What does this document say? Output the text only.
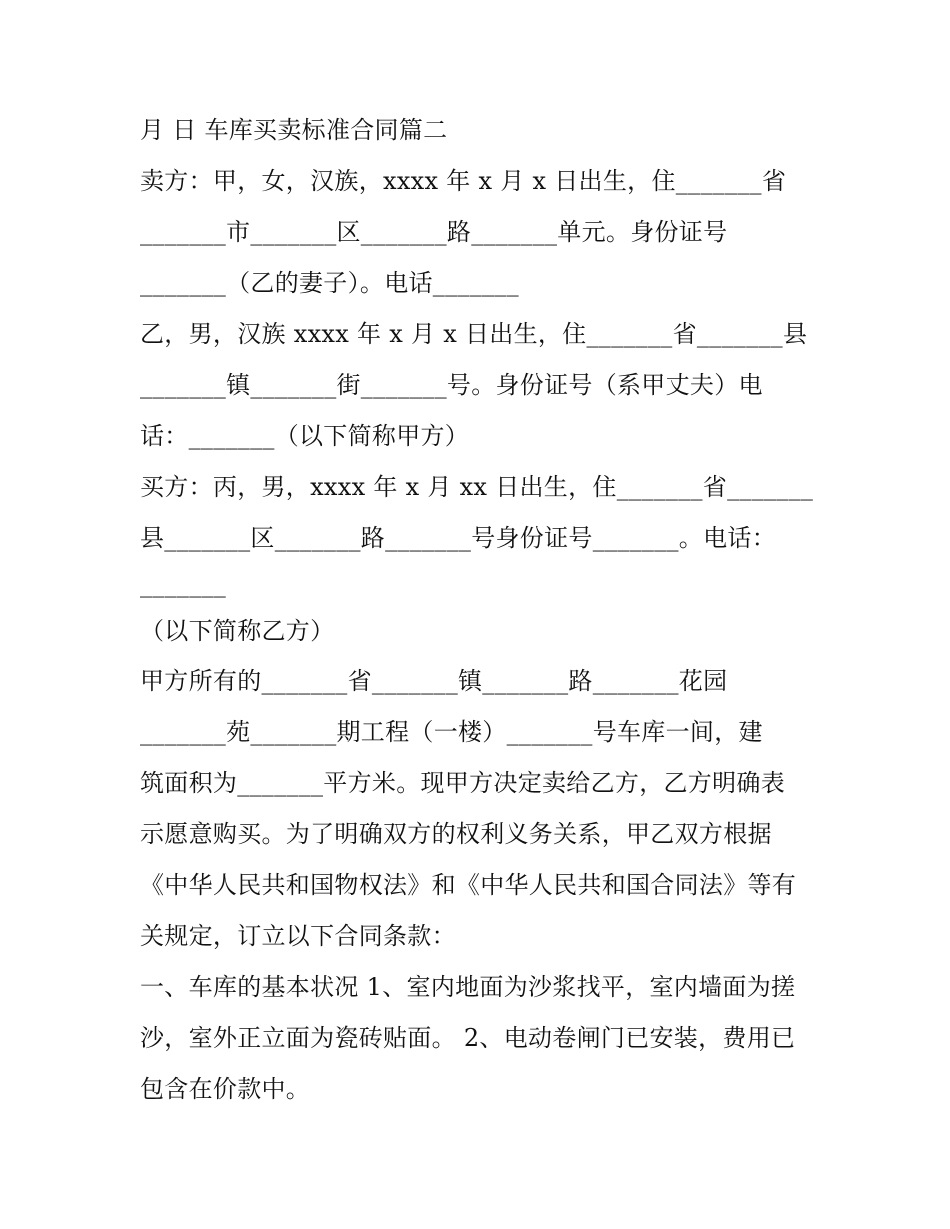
月 日 车库买卖标准合同篇二
卖方：甲，女，汉族，xxxx 年 x 月 x 日出生，住_______省
_______市_______区_______路_______单元。身份证号
_______（乙的妻子）。电话_______
乙，男，汉族 xxxx 年 x 月 x 日出生，住_______省_______县
_______镇_______街_______号。身份证号（系甲丈夫）电
话：_______（以下简称甲方）
买方：丙，男，xxxx 年 x 月 xx 日出生，住_______省_______
县_______区_______路_______号身份证号_______。电话：
_______
（以下简称乙方）
甲方所有的_______省_______镇_______路_______花园
_______苑_______期工程（一楼）_______号车库一间，建
筑面积为_______平方米。现甲方决定卖给乙方，乙方明确表
示愿意购买。为了明确双方的权利义务关系，甲乙双方根据
《中华人民共和国物权法》和《中华人民共和国合同法》等有
关规定，订立以下合同条款：
一、车库的基本状况 1、室内地面为沙浆找平，室内墙面为搓
沙，室外正立面为瓷砖贴面。 2、电动卷闸门已安装，费用已
包含在价款中。
